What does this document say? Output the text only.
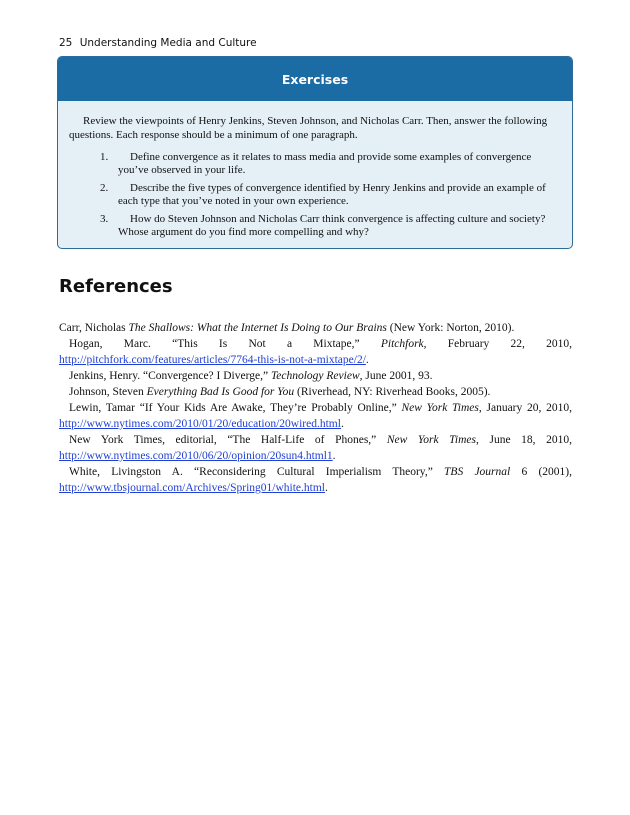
25 Understanding Media and Culture
Exercises

Review the viewpoints of Henry Jenkins, Steven Johnson, and Nicholas Carr. Then, answer the following questions. Each response should be a minimum of one paragraph.

1. Define convergence as it relates to mass media and provide some examples of convergence you’ve observed in your life.
2. Describe the five types of convergence identified by Henry Jenkins and provide an example of each type that you’ve noted in your own experience.
3. How do Steven Johnson and Nicholas Carr think convergence is affecting culture and society? Whose argument do you find more compelling and why?
References

Carr, Nicholas The Shallows: What the Internet Is Doing to Our Brains (New York: Norton, 2010).

Hogan, Marc. “This Is Not a Mixtape,” Pitchfork, February 22, 2010, http://pitchfork.com/features/articles/7764-this-is-not-a-mixtape/2/.

Jenkins, Henry. “Convergence? I Diverge,” Technology Review, June 2001, 93.

Johnson, Steven Everything Bad Is Good for You (Riverhead, NY: Riverhead Books, 2005).

Lewin, Tamar “If Your Kids Are Awake, They’re Probably Online,” New York Times, January 20, 2010, http://www.nytimes.com/2010/01/20/education/20wired.html.

New York Times, editorial, “The Half-Life of Phones,” New York Times, June 18, 2010, http://www.nytimes.com/2010/06/20/opinion/20sun4.html1.

White, Livingston A. “Reconsidering Cultural Imperialism Theory,” TBS Journal 6 (2001), http://www.tbsjournal.com/Archives/Spring01/white.html.
